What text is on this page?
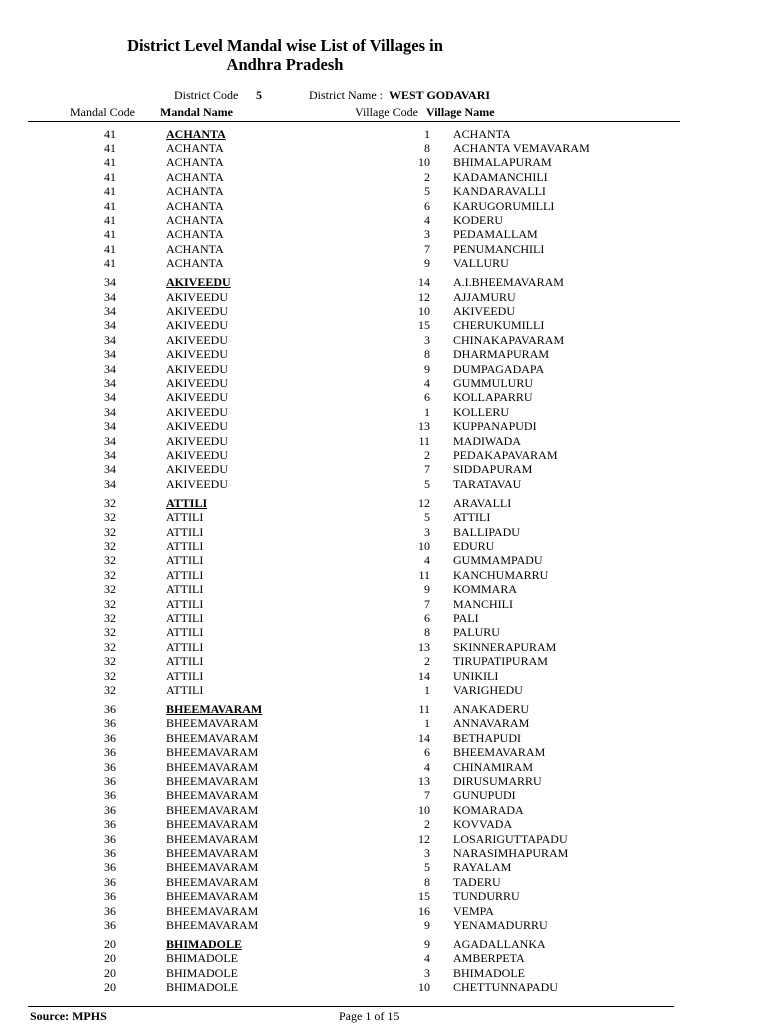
District Level Mandal wise List of Villages in
Andhra Pradesh
District Code 5	District Name : WEST GODAVARI
Mandal Code Mandal Name	Village Code Village Name
41	ACHANTA	1 ACHANTA
41	ACHANTA	8 ACHANTA VEMAVARAM
41	ACHANTA	10 BHIMALAPURAM
41	ACHANTA	2 KADAMANCHILI
41	ACHANTA	5 KANDARAVALLI
41	ACHANTA	6 KARUGORUMILLI
41	ACHANTA	4 KODERU
41	ACHANTA	3 PEDAMALLAM
41	ACHANTA	7 PENUMANCHILI
41	ACHANTA	9 VALLURU
34	AKIVEEDU	14 A.I.BHEEMAVARAM
34	AKIVEEDU	12 AJJAMURU
34	AKIVEEDU	10 AKIVEEDU
34	AKIVEEDU	15 CHERUKUMILLI
34	AKIVEEDU	3 CHINAKAPAVARAM
34	AKIVEEDU	8 DHARMAPURAM
34	AKIVEEDU	9 DUMPAGADAPA
34	AKIVEEDU	4 GUMMULURU
34	AKIVEEDU	6 KOLLAPARRU
34	AKIVEEDU	1 KOLLERU
34	AKIVEEDU	13 KUPPANAPUDI
34	AKIVEEDU	11 MADIWADA
34	AKIVEEDU	2 PEDAKAPAVARAM
34	AKIVEEDU	7 SIDDAPURAM
34	AKIVEEDU	5 TARATAVAU
32	ATTILI	12 ARAVALLI
32	ATTILI	5 ATTILI
32	ATTILI	3 BALLIPADU
32	ATTILI	10 EDURU
32	ATTILI	4 GUMMAMPADU
32	ATTILI	11 KANCHUMARRU
32	ATTILI	9 KOMMARA
32	ATTILI	7 MANCHILI
32	ATTILI	6 PALI
32	ATTILI	8 PALURU
32	ATTILI	13 SKINNERAPURAM
32	ATTILI	2 TIRUPATIPURAM
32	ATTILI	14 UNIKILI
32	ATTILI	1 VARIGHEDU
36	BHEEMAVARAM	11 ANAKADERU
36	BHEEMAVARAM	1 ANNAVARAM
36	BHEEMAVARAM	14 BETHAPUDI
36	BHEEMAVARAM	6 BHEEMAVARAM
36	BHEEMAVARAM	4 CHINAMIRAM
36	BHEEMAVARAM	13 DIRUSUMARRU
36	BHEEMAVARAM	7 GUNUPUDI
36	BHEEMAVARAM	10 KOMARADA
36	BHEEMAVARAM	2 KOVVADA
36	BHEEMAVARAM	12 LOSARIGUTTAPADU
36	BHEEMAVARAM	3 NARASIMHAPURAM
36	BHEEMAVARAM	5 RAYALAM
36	BHEEMAVARAM	8 TADERU
36	BHEEMAVARAM	15 TUNDURRU
36	BHEEMAVARAM	16 VEMPA
36	BHEEMAVARAM	9 YENAMADURRU
20	BHIMADOLE	9 AGADALLANKA
20	BHIMADOLE	4 AMBERPETA
20	BHIMADOLE	3 BHIMADOLE
20	BHIMADOLE	10 CHETTUNNAPADU
Source: MPHS	Page 1 of 15
